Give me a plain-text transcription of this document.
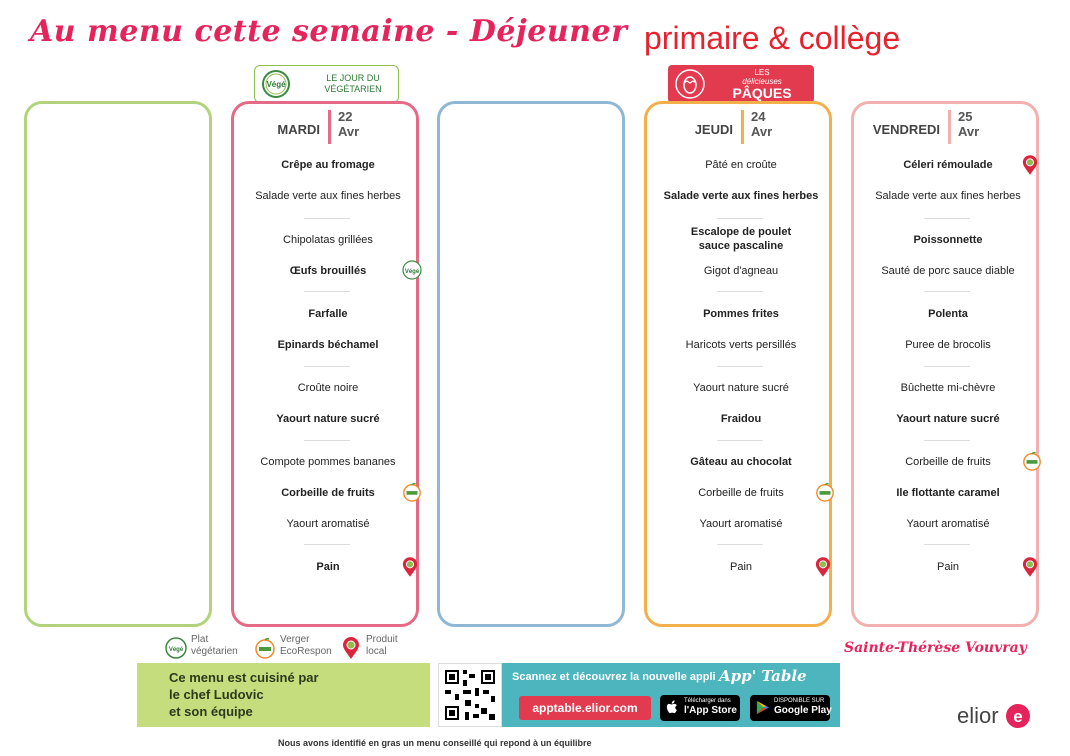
Au menu cette semaine - Déjeuner primaire & collège
Végé
LE JOUR DU
VÉGÉTARIEN
LES
délicieuses
PÂQUES
MARDI
22
Avr
Crêpe au fromage
Salade verte aux fines herbes
Chipolatas grillées
Œufs brouillés	Végé
Farfalle
Epinards béchamel
Croûte noire
Yaourt nature sucré
Compote pommes bananes
Corbeille de fruits
Yaourt aromatisé
Pain
JEUDI
24
Avr
Pâté en croûte
Salade verte aux fines herbes
Escalope de poulet sauce pascaline
Gigot d'agneau
Pommes frites
Haricots verts persillés
Yaourt nature sucré
Fraidou
Gâteau au chocolat
Corbeille de fruits
Yaourt aromatisé
Pain
VENDREDI
25
Avr
Céleri rémoulade
Salade verte aux fines herbes
Poissonnette
Sauté de porc sauce diable
Polenta
Puree de brocolis
Bûchette mi-chèvre
Yaourt nature sucré
Corbeille de fruits
Ile flottante caramel
Yaourt aromatisé
Pain
Végé
Plat
végétarien
Verger
EcoRespon
Produit
local	Sainte-Thérèse Vouvray
Ce menu est cuisiné par
le chef Ludovic
et son équipe
Scannez et découvrez la nouvelle appli App' Table
apptable.elior.com	Télécharger dans
l'App Store
DISPONIBLE SUR
Google Play	elior e
Nous avons identifié en gras un menu conseillé qui repond à un équilibre
